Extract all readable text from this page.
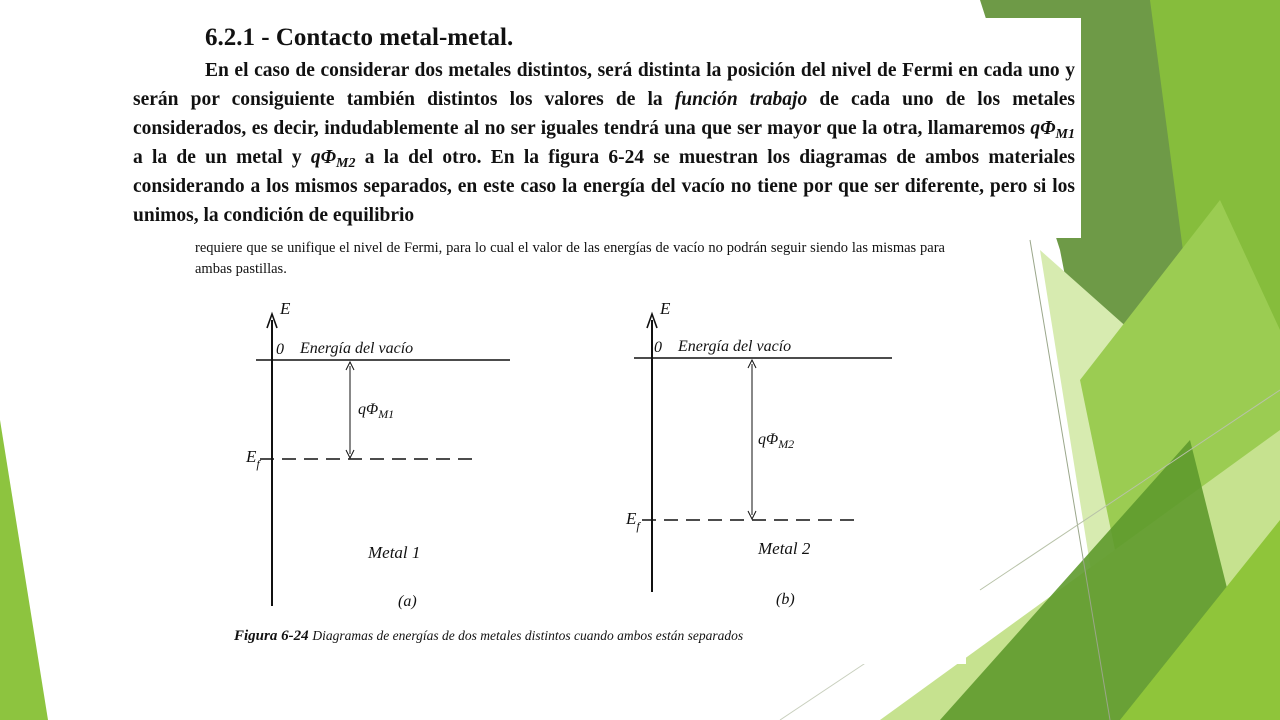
6.2.1 - Contacto metal-metal.
En el caso de considerar dos metales distintos, será distinta la posición del nivel de Fermi en cada uno y serán por consiguiente también distintos los valores de la función trabajo de cada uno de los metales considerados, es decir, indudablemente al no ser iguales tendrá una que ser mayor que la otra, llamaremos $q\Phi_{M1}$ a la de un metal y $q\Phi_{M2}$ a la del otro. En la figura 6-24 se muestran los diagramas de ambos materiales considerando a los mismos separados, en este caso la energía del vacío no tiene por que ser diferente, pero si los unimos, la condición de equilibrio
requiere que se unifique el nivel de Fermi, para lo cual el valor de las energías de vacío no podrán seguir siendo las mismas para ambas pastillas.
E
0 Energía del vacío
$q\Phi_{M1}$
$E_f$
Metal 1
(a)
E
0 Energía del vacío
$q\Phi_{M2}$
$E_f$
Metal 2
(b)
Figura 6-24 Diagramas de energías de dos metales distintos cuando ambos están separados
